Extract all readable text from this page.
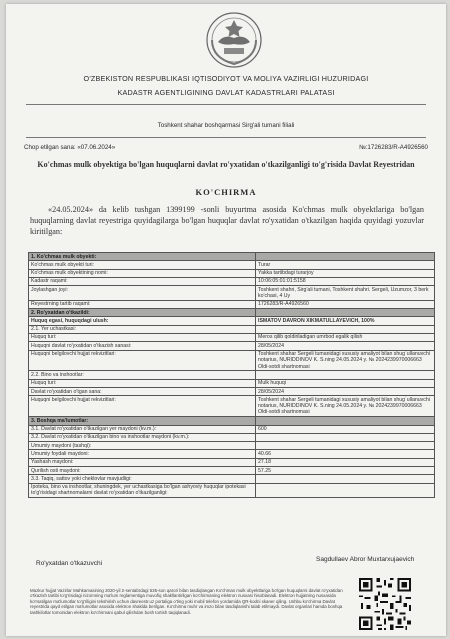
O'ZBEKISTON RESPUBLIKASI IQTISODIYOT VA MOLIYA VAZIRLIGI HUZURIDAGI
KADASTR AGENTLIGINING DAVLAT KADASTRLARI PALATASI
Toshkent shahar boshqarmasi Sirg'ali tumani filiali
Chop etilgan sana: «07.06.2024»	№:1726283/R-A4926560
Ko'chmas mulk obyektiga bo'lgan huquqlarni davlat ro'yxatidan o'tkazilganligi to'g'risida Davlat Reyestridan
KO'CHIRMA
«24.05.2024» da kelib tushgan 1399199 -sonli buyurtma asosida Ko'chmas mulk obyektlariga bo'lgan huquqlarning davlat reyestriga quyidagilarga bo'lgan huquqlar davlat ro'yxatidan o'tkazilgan haqida quyidagi yozuvlar kiritilgan:
1. Ko'chmas mulk obyekti:	
Ko'chmas mulk obyekti turi:	Turar
Ko'chmas mulk obyektining nomi:	Yakka tartibdagi turarjoy
Kadastr raqami:	10:06:05:01:01:5158
Joylashgan joyi:	Toshkent shahri, Sirg'ali tumani, Toshkent shahri. Sergeli, Uzumzor, 3 berk ko'chasi, 4 Uy
Reyestrning tartib raqami:	1726283/R-A4926560
2. Ro'yxatdan o'tkazildi:	
Huquq egasi, huquqdagi ulush:	ISMATOV DAVRON XIKMATULLAYEVICH, 100%
2.1. Yer uchastkasi:	
Huquq turi:	Meros qilib qoldiriladigan umrbod egalik qilish
Huquqni davlat ro'yxatidan o'tkazish sanasi:	28/05/2024
Huquqni belgilovchi hujjat rekvizitlari:	Toshkent shahar Sergeli tumanidagi xususiy amaliyot bilan shug`ullanuvchi notarius, NURIDDINOV K. S.ning 24.05.2024 y. № 2024239970006663 Oldi-sotdi shartnomasi
2.2. Bino va inshootlar:	
Huquq turi:	Mulk huquqi
Davlat ro'yxatidan o'tgan sana:	28/05/2024
Huquqni belgilovchi hujjat rekvizitlari:	Toshkent shahar Sergeli tumanidagi xususiy amaliyot bilan shug`ullanuvchi notarius, NURIDDINOV K. S.ning 24.05.2024 y. № 2024239970006663 Oldi-sotdi shartnomasi
3. Boshqa ma'lumotlar:	
3.1. Davlat ro'yxatidan o'tkazilgan yer maydoni (kv.m.):	600
3.2. Davlat ro'yxatidan o'tkazilgan bino va inshootlar maydoni (kv.m.):	
Umumiy maydoni (tashqi):	
Umumiy foydali maydoni:	40.66
Yashash maydoni:	27.18
Qurilish osti maydoni:	57.25
3.3. Taqiq, sattov yoki cheklovlar mavjudligi:	
Ipoteka, bino va inshootlar, shuningdek, yer uchastkasiga bo'lgan ashyoviy huquqlar ipotekasi to'g'risidagi shartnomalarni davlat ro'yxatidan o'tkazilganligi:	
Ro'yxatdan o'tkazuvchi
Sagdullaev Abror Muxtarxujaevich
Mazkur hujjat Vazirlar Mahkamasining 2020-yil 2-sentabrdagi 535-son qarori bilan tasdiqlangan Ko'chmas mulk obyektlariga bo'lgan huquqlarni davlat ro'yxatidan o'tkazish tartibi to'g'risidagi nizomning ma'lum reglamentiga muvofiq shakllantirilgan ko'chirmaning elektron nusxasi hisoblanadi. Elektron hujjatning nusxasida ko'rsatilgan ma'lumotlar to'g'riligini tekshirish uchun davreestr.uz portaliga o'ting yoki mobil telefon yordamida QR-kodni skaner qiling. Ushbu ko'chirma Davlat reyestrida qayd etilgan ma'lumotlar asosida elektron shaklda berilgan. Ko'chirma muhr va imzo bilan tasdiqlanishi talab etilmaydi. Davlat organlari hamda boshqa tashkilotlar tomonidan elektron ko'chirmani qabul qilishdan bosh tortish taqiqlanadi.
